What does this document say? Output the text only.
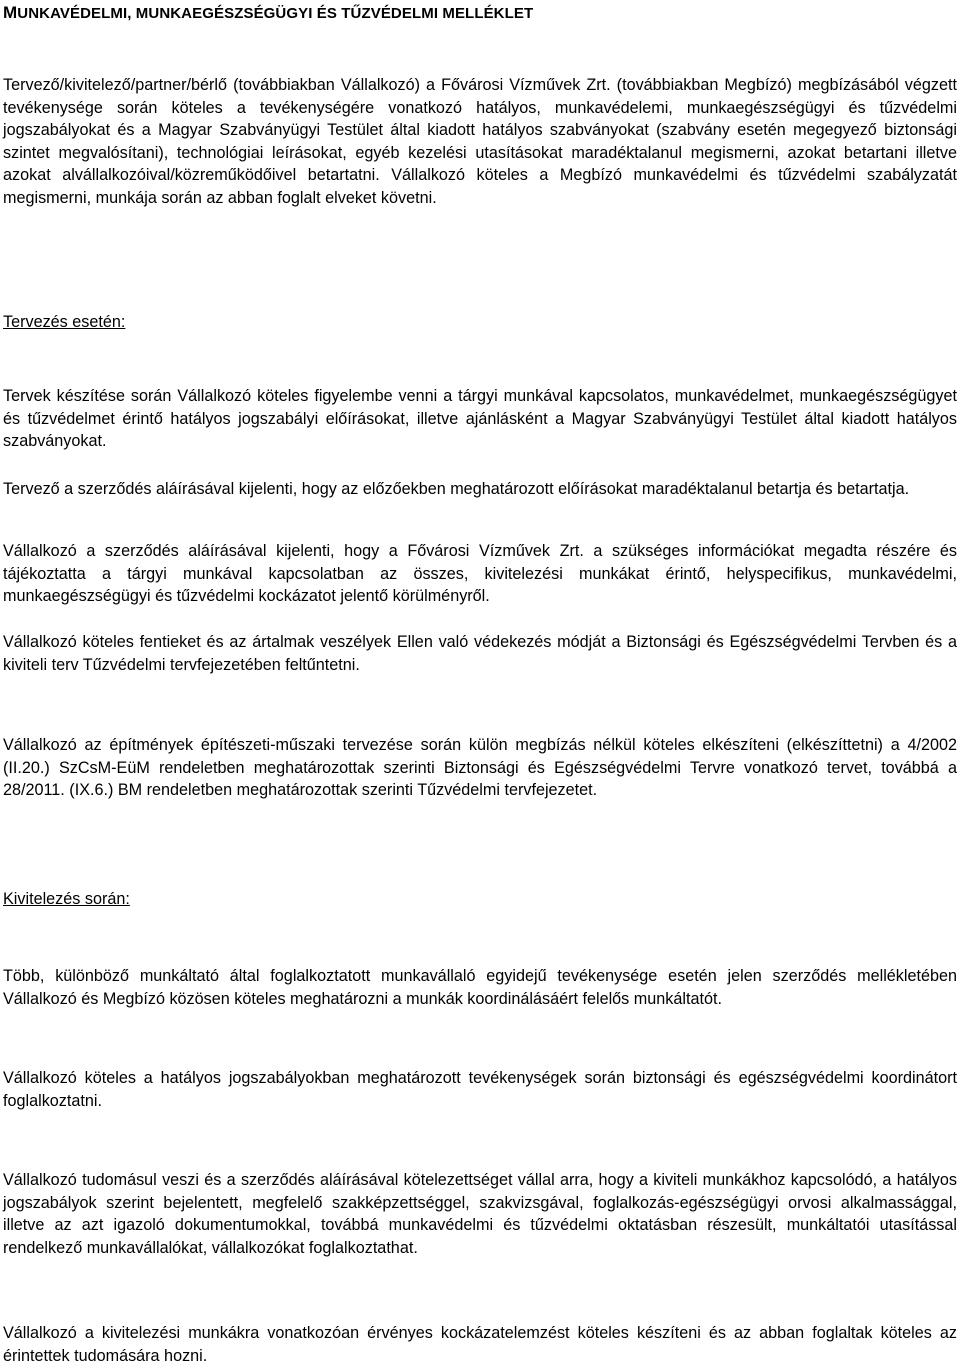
MUNKAVÉDELMI, MUNKAEGÉSZSÉGÜGYI ÉS TŰZVÉDELMI MELLÉKLET

Tervező/kivitelező/partner/bérlő (továbbiakban Vállalkozó) a Fővárosi Vízművek Zrt. (továbbiakban Megbízó) megbízásából végzett tevékenysége során köteles a tevékenységére vonatkozó hatályos, munkavédelemi, munkaegészségügyi és tűzvédelmi jogszabályokat és a Magyar Szabványügyi Testület által kiadott hatályos szabványokat (szabvány esetén megegyező biztonsági szintet megvalósítani), technológiai leírásokat, egyéb kezelési utasításokat maradéktalanul megismerni, azokat betartani illetve azokat alvállalkozóival/közreműködőivel betartatni. Vállalkozó köteles a Megbízó munkavédelmi és tűzvédelmi szabályzatát megismerni, munkája során az abban foglalt elveket követni.

Tervezés esetén:

Tervek készítése során Vállalkozó köteles figyelembe venni a tárgyi munkával kapcsolatos, munkavédelmet, munkaegészségügyet és tűzvédelmet érintő hatályos jogszabályi előírásokat, illetve ajánlásként a Magyar Szabványügyi Testület által kiadott hatályos szabványokat.

Tervező a szerződés aláírásával kijelenti, hogy az előzőekben meghatározott előírásokat maradéktalanul betartja és betartatja.

Vállalkozó a szerződés aláírásával kijelenti, hogy a Fővárosi Vízművek Zrt. a szükséges információkat megadta részére és tájékoztatta a tárgyi munkával kapcsolatban az összes, kivitelezési munkákat érintő, helyspecifikus, munkavédelmi, munkaegészségügyi és tűzvédelmi kockázatot jelentő körülményről.

Vállalkozó köteles fentieket és az ártalmak veszélyek Ellen való védekezés módját a Biztonsági és Egészségvédelmi Tervben és a kiviteli terv Tűzvédelmi tervfejezetében feltűntetni.

Vállalkozó az építmények építészeti-műszaki tervezése során külön megbízás nélkül köteles elkészíteni (elkészíttetni) a 4/2002 (II.20.) SzCsM-EüM rendeletben meghatározottak szerinti Biztonsági és Egészségvédelmi Tervre vonatkozó tervet, továbbá a 28/2011. (IX.6.) BM rendeletben meghatározottak szerinti Tűzvédelmi tervfejezetet.

Kivitelezés során:

Több, különböző munkáltató által foglalkoztatott munkavállaló egyidejű tevékenysége esetén jelen szerződés mellékletében Vállalkozó és Megbízó közösen köteles meghatározni a munkák koordinálásáért felelős munkáltatót.

Vállalkozó köteles a hatályos jogszabályokban meghatározott tevékenységek során biztonsági és egészségvédelmi koordinátort foglalkoztatni.

Vállalkozó tudomásul veszi és a szerződés aláírásával kötelezettséget vállal arra, hogy a kiviteli munkákhoz kapcsolódó, a hatályos jogszabályok szerint bejelentett, megfelelő szakképzettséggel, szakvizsgával, foglalkozás-egészségügyi orvosi alkalmassággal, illetve az azt igazoló dokumentumokkal, továbbá munkavédelmi és tűzvédelmi oktatásban részesült, munkáltatói utasítással rendelkező munkavállalókat, vállalkozókat foglalkoztathat.

Vállalkozó a kivitelezési munkákra vonatkozóan érvényes kockázatelemzést köteles készíteni és az abban foglaltak köteles az érintettek tudomására hozni.
